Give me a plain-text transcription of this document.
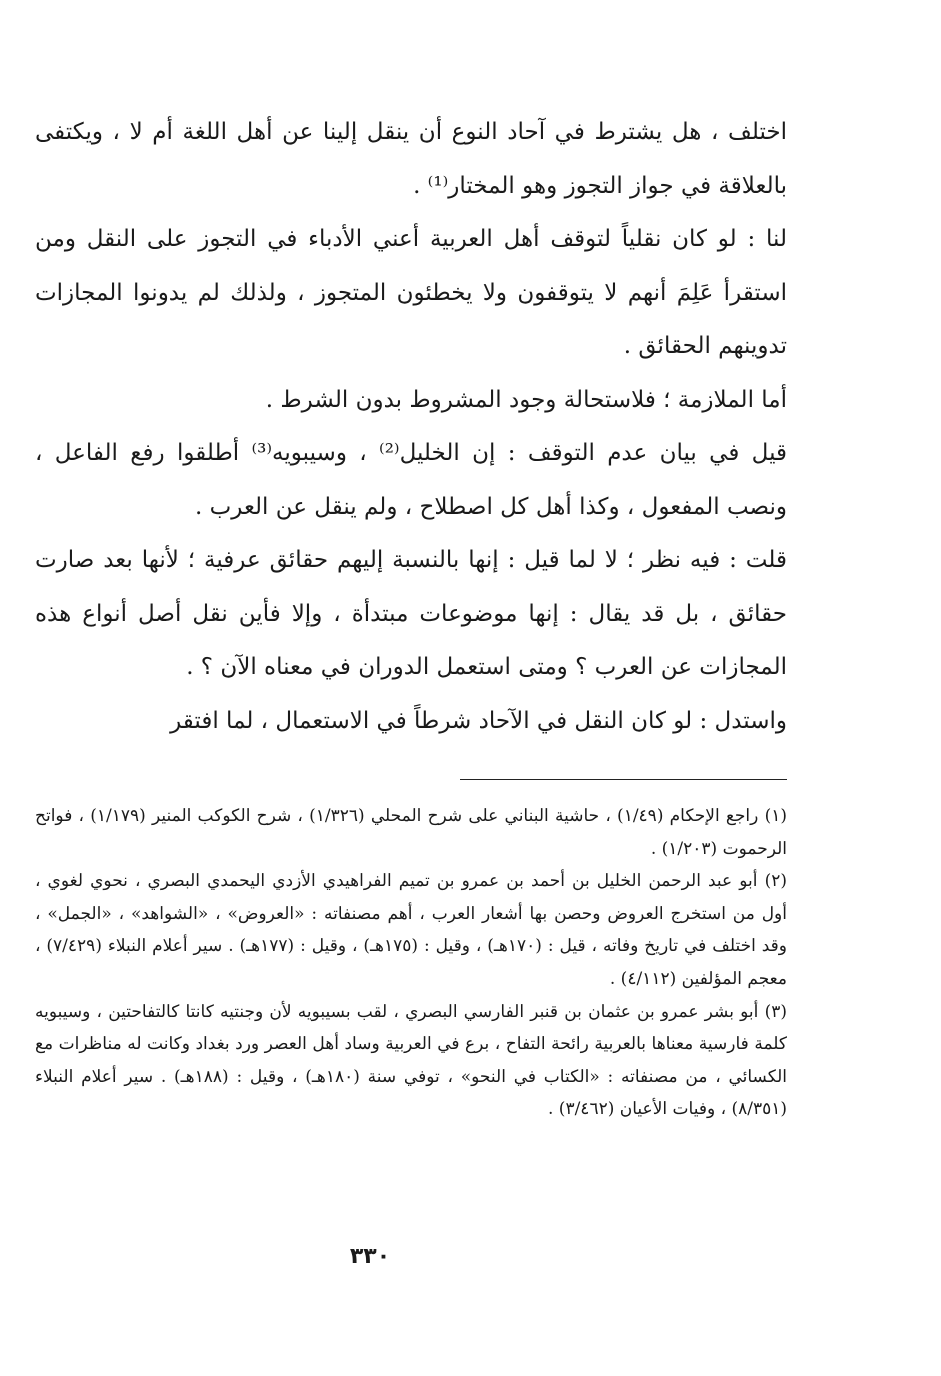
اختلف ، هل يشترط في آحاد النوع أن ينقل إلينا عن أهل اللغة أم لا ، ويكتفى بالعلاقة في جواز التجوز وهو المختار⁽¹⁾ .

لنا : لو كان نقلياً لتوقف أهل العربية أعني الأدباء في التجوز على النقل ومن استقرأ عَلِمَ أنهم لا يتوقفون ولا يخطئون المتجوز ، ولذلك لم يدونوا المجازات تدوينهم الحقائق .

أما الملازمة ؛ فلاستحالة وجود المشروط بدون الشرط .

قيل في بيان عدم التوقف : إن الخليل⁽²⁾ ، وسيبويه⁽³⁾ أطلقوا رفع الفاعل ، ونصب المفعول ، وكذا أهل كل اصطلاح ، ولم ينقل عن العرب .

قلت : فيه نظر ؛ لا لما قيل : إنها بالنسبة إليهم حقائق عرفية ؛ لأنها بعد صارت حقائق ، بل قد يقال : إنها موضوعات مبتدأة ، وإلا فأين نقل أصل أنواع هذه المجازات عن العرب ؟ ومتى استعمل الدوران في معناه الآن ؟ .

واستدل : لو كان النقل في الآحاد شرطاً في الاستعمال ، لما افتقر

(١) راجع الإحكام (١/٤٩) ، حاشية البناني على شرح المحلي (١/٣٢٦) ، شرح الكوكب المنير (١/١٧٩) ، فواتح الرحموت (١/٢٠٣) .

(٢) أبو عبد الرحمن الخليل بن أحمد بن عمرو بن تميم الفراهيدي الأزدي اليحمدي البصري ، نحوي لغوي ، أول من استخرج العروض وحصن بها أشعار العرب ، أهم مصنفاته : «العروض» ، «الشواهد» ، «الجمل» ، وقد اختلف في تاريخ وفاته ، قيل : (١٧٠هـ) ، وقيل : (١٧٥هـ) ، وقيل : (١٧٧هـ) . سير أعلام النبلاء (٧/٤٢٩) ، معجم المؤلفين (٤/١١٢) .

(٣) أبو بشر عمرو بن عثمان بن قنبر الفارسي البصري ، لقب بسيبويه لأن وجنتيه كانتا كالتفاحتين ، وسيبويه كلمة فارسية معناها بالعربية رائحة التفاح ، برع في العربية وساد أهل العصر ورد بغداد وكانت له مناظرات مع الكسائي ، من مصنفاته : «الكتاب في النحو» ، توفي سنة (١٨٠هـ) ، وقيل : (١٨٨هـ) . سير أعلام النبلاء (٨/٣٥١) ، وفيات الأعيان (٣/٤٦٢) .

٣٣٠
